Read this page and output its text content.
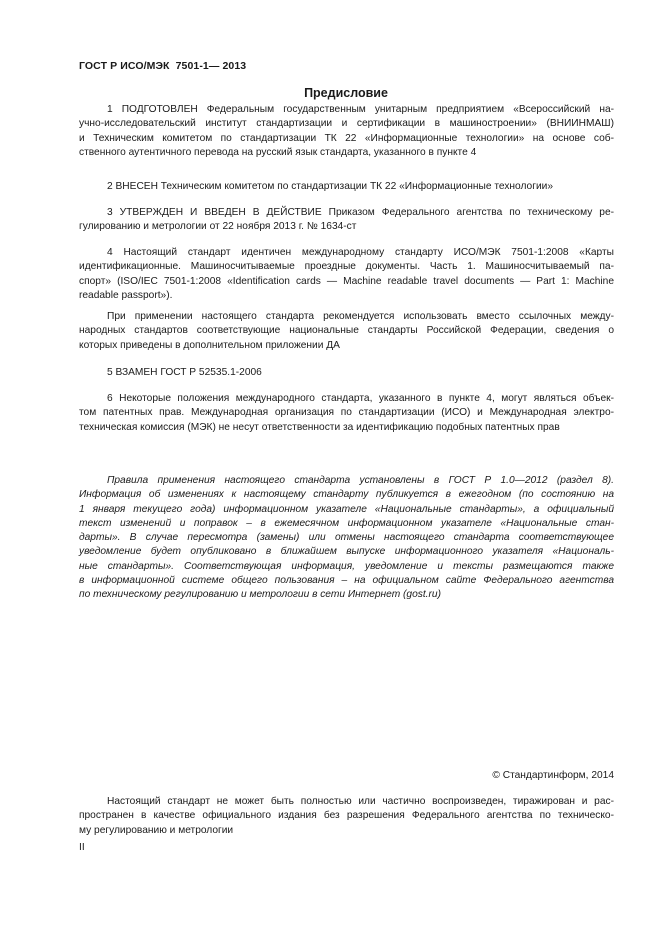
ГОСТ Р ИСО/МЭК  7501-1— 2013
Предисловие
1 ПОДГОТОВЛЕН Федеральным государственным унитарным предприятием «Всероссийский на-
учно-исследовательский институт стандартизации и сертификации в машиностроении» (ВНИИНМАШ)
и Техническим комитетом по стандартизации ТК 22 «Информационные технологии» на основе соб-
ственного аутентичного перевода на русский язык стандарта, указанного в пункте 4
2 ВНЕСЕН Техническим комитетом по стандартизации ТК 22 «Информационные технологии»
3 УТВЕРЖДЕН И ВВЕДЕН В ДЕЙСТВИЕ Приказом Федерального агентства по техническому ре-
гулированию и метрологии от 22 ноября 2013 г. № 1634-ст
4 Настоящий стандарт идентичен международному стандарту ИСО/МЭК 7501-1:2008 «Карты
идентификационные. Машиносчитываемые проездные документы. Часть 1. Машиносчитываемый па-
спорт» (ISO/IEC 7501-1:2008 «Identification cards — Machine readable travel documents — Part 1: Machine
readable passport»).
При применении настоящего стандарта рекомендуется использовать вместо ссылочных между-
народных стандартов соответствующие национальные стандарты Российской Федерации, сведения о
которых приведены в дополнительном приложении ДА
5 ВЗАМЕН ГОСТ Р 52535.1-2006
6 Некоторые положения международного стандарта, указанного в пункте 4, могут являться объек-
том патентных прав. Международная организация по стандартизации (ИСО) и Международная электро-
техническая комиссия (МЭК) не несут ответственности за идентификацию подобных патентных прав
Правила применения настоящего стандарта установлены в ГОСТ Р 1.0—2012 (раздел 8).
Информация об изменениях к настоящему стандарту публикуется в ежегодном (по состоянию на
1 января текущего года) информационном указателе «Национальные стандарты», а официальный
текст изменений и поправок – в ежемесячном информационном указателе «Национальные стан-
дарты». В случае пересмотра (замены) или отмены настоящего стандарта соответствующее
уведомление будет опубликовано в ближайшем выпуске информационного указателя «Националь-
ные стандарты». Соответствующая информация, уведомление и тексты размещаются также
в информационной системе общего пользования – на официальном сайте Федерального агентства
по техническому регулированию и метрологии в сети Интернет (gost.ru)
© Стандартинформ, 2014
Настоящий стандарт не может быть полностью или частично воспроизведен, тиражирован и рас-
пространен в качестве официального издания без разрешения Федерального агентства по техническо-
му регулированию и метрологии
II
